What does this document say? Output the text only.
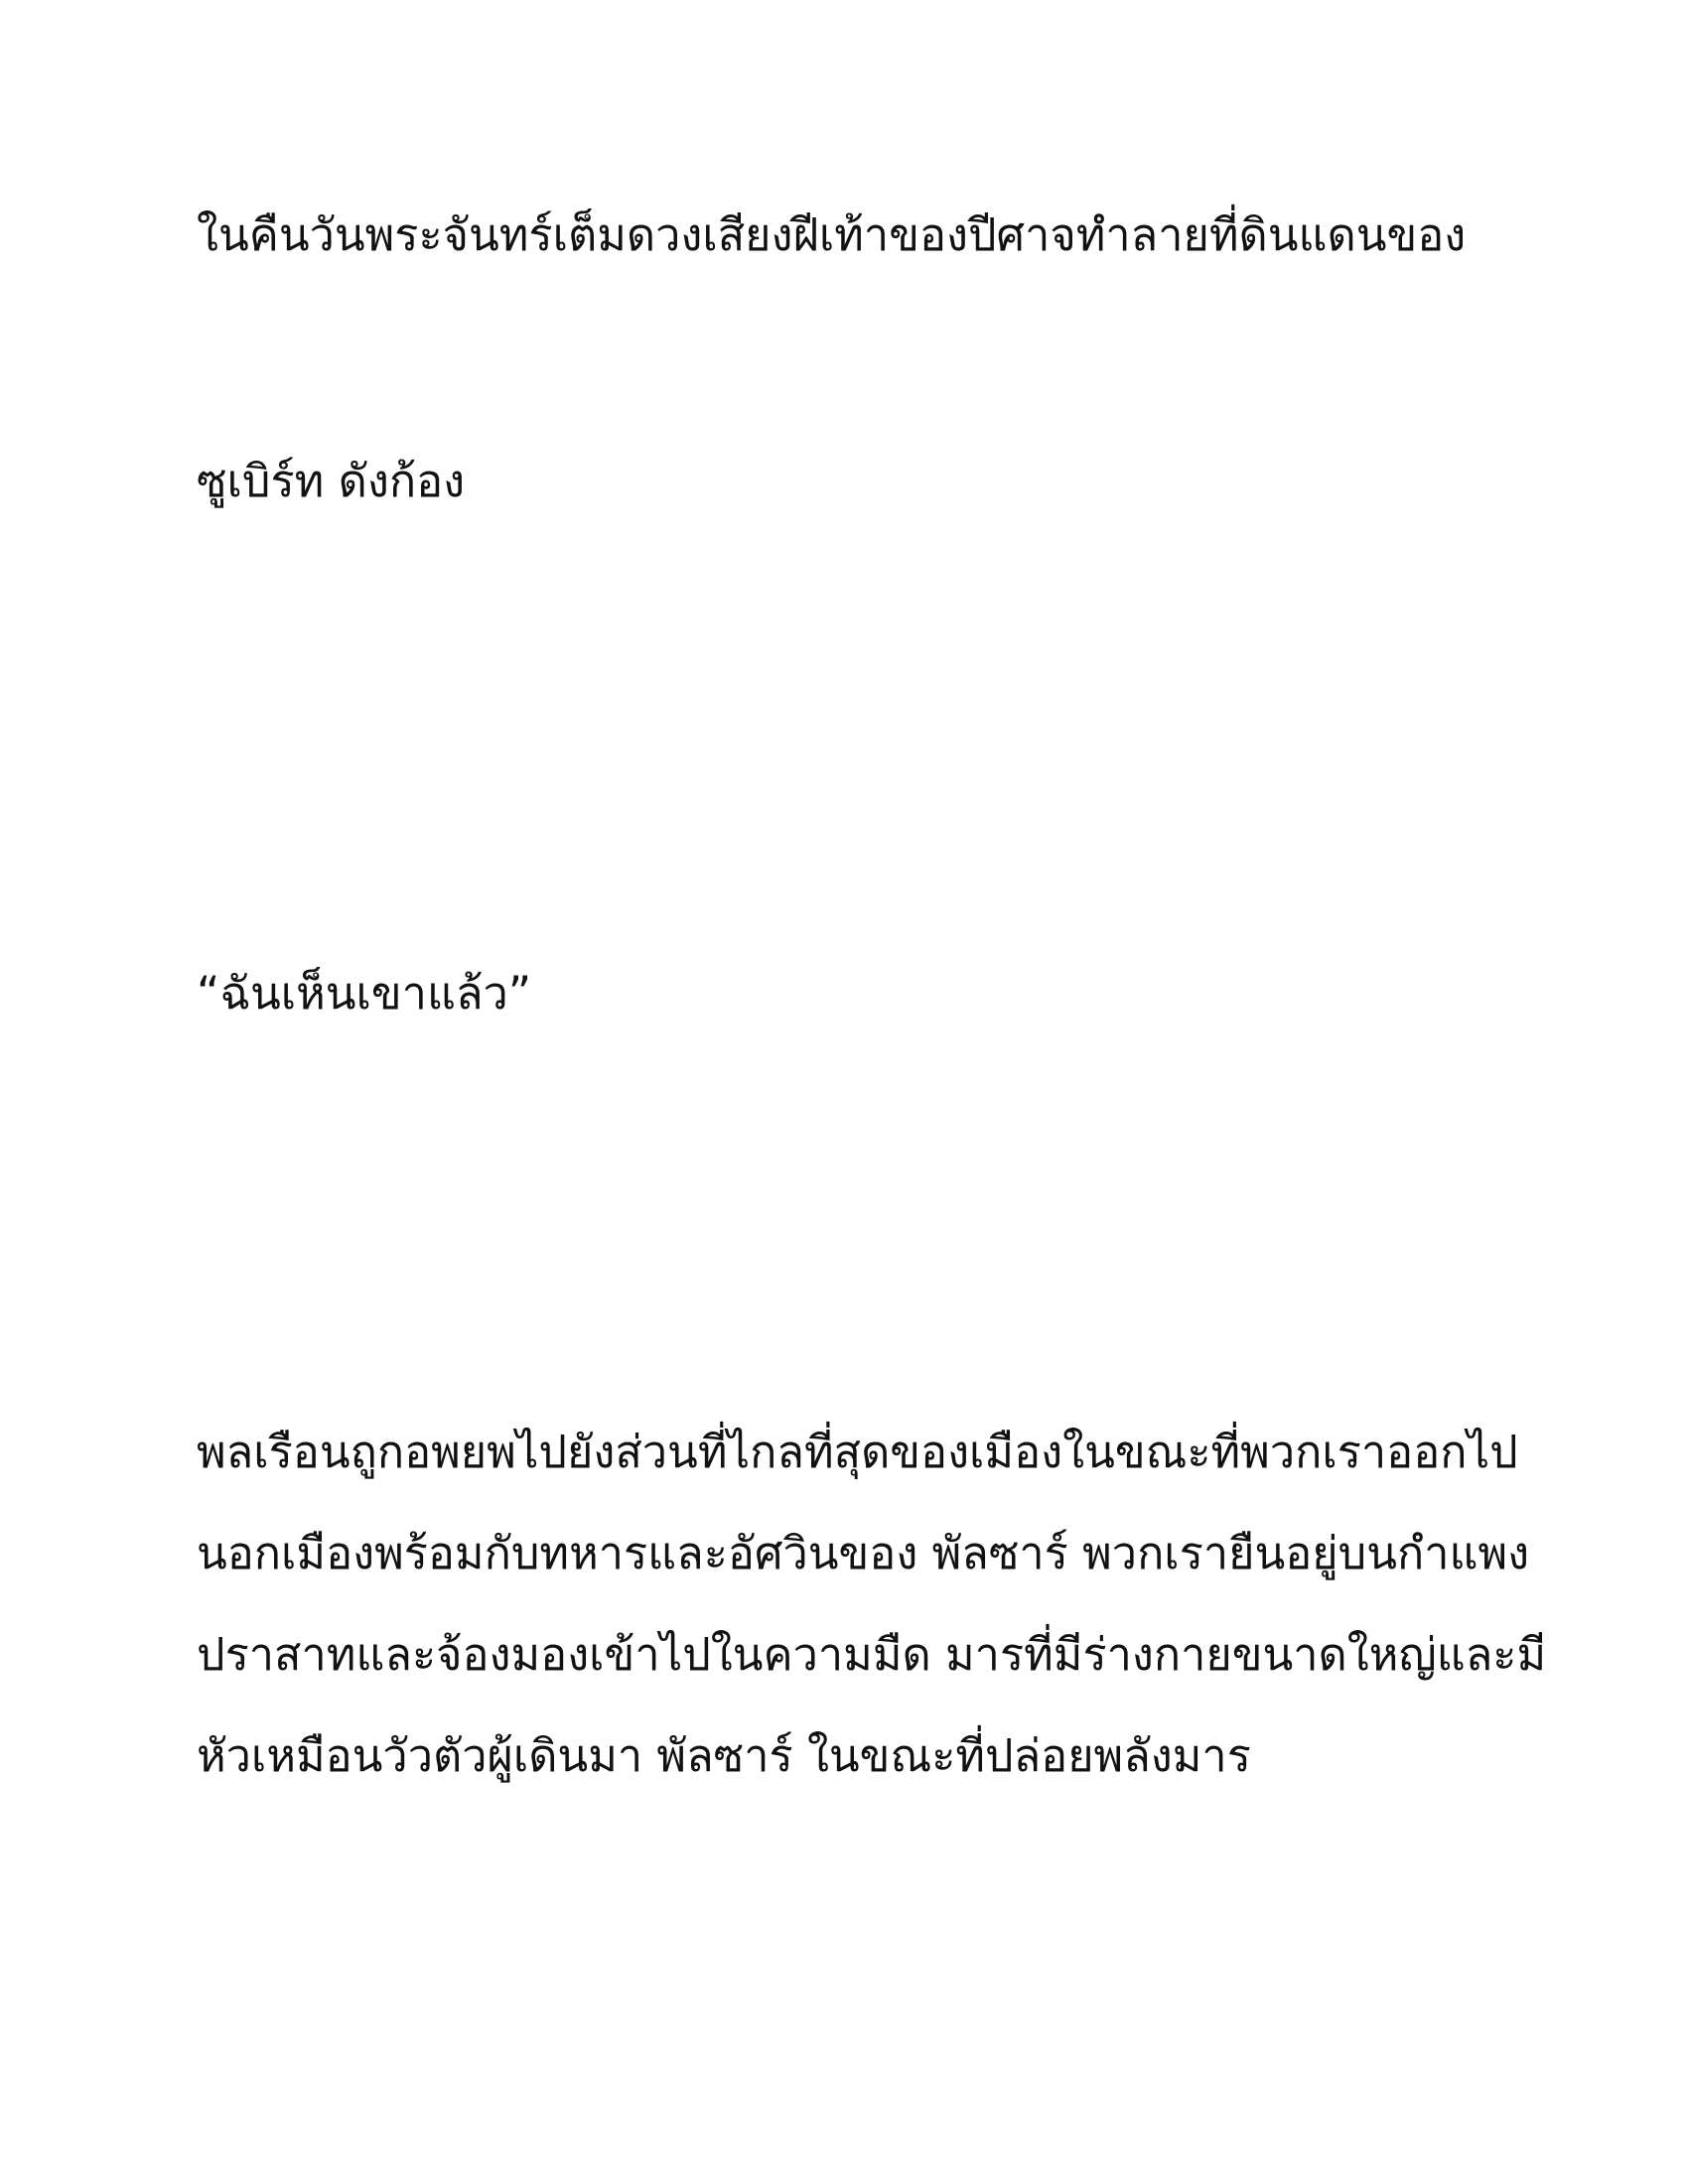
ในคืนวันพระจันทร์เต็มดวงเสียงฝีเท้าของปีศาจทำลายที่ดินแดนของ

ซูเบิร์ท ดังก้อง

“ฉันเห็นเขาแล้ว”

พลเรือนถูกอพยพไปยังส่วนที่ไกลที่สุดของเมืองในขณะที่พวกเราออกไป

นอกเมืองพร้อมกับทหารและอัศวินของ พัลซาร์ พวกเรายืนอยู่บนกำแพง

ปราสาทและจ้องมองเข้าไปในความมืด มารที่มีร่างกายขนาดใหญ่และมี

หัวเหมือนวัวตัวผู้เดินมา พัลซาร์ ในขณะที่ปล่อยพลังมาร
